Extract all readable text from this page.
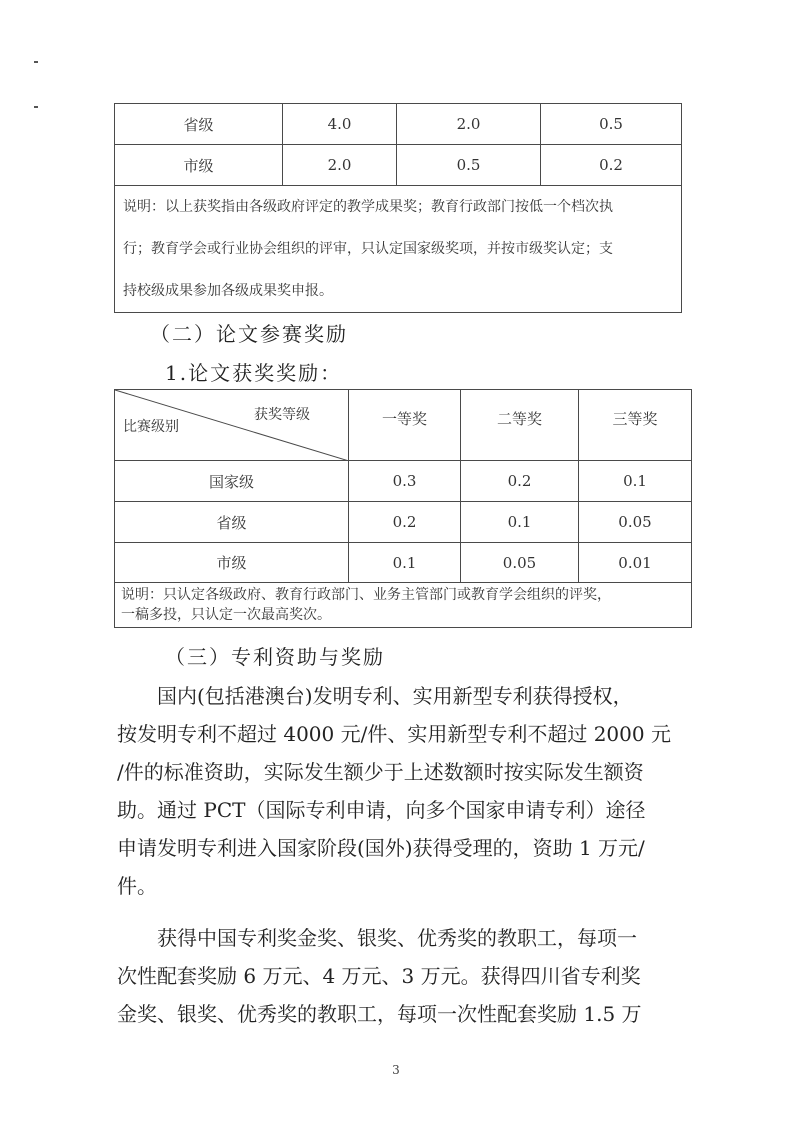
省级	4.0	2.0	0.5
市级	2.0	0.5	0.2

说明：以上获奖指由各级政府评定的教学成果奖；教育行政部门按低一个档次执
行；教育学会或行业协会组织的评审，只认定国家级奖项，并按市级奖认定；支
持校级成果参加各级成果奖申报。			
（二）论文参赛奖励
1.论文获奖奖励：
获奖等级
比赛级别	一等奖	二等奖	三等奖
国家级	0.3	0.2	0.1
省级	0.2	0.1	0.05
市级	0.1	0.05	0.01

说明：只认定各级政府、教育行政部门、业务主管部门或教育学会组织的评奖，
一稿多投，只认定一次最高奖次。			
（三）专利资助与奖励
国内(包括港澳台)发明专利、实用新型专利获得授权，
按发明专利不超过 4000 元/件、实用新型专利不超过 2000 元
/件的标准资助，实际发生额少于上述数额时按实际发生额资
助。通过 PCT（国际专利申请，向多个国家申请专利）途径
申请发明专利进入国家阶段(国外)获得受理的，资助 1 万元/
件。
获得中国专利奖金奖、银奖、优秀奖的教职工，每项一
次性配套奖励 6 万元、4 万元、3 万元。获得四川省专利奖
金奖、银奖、优秀奖的教职工，每项一次性配套奖励 1.5 万
3
